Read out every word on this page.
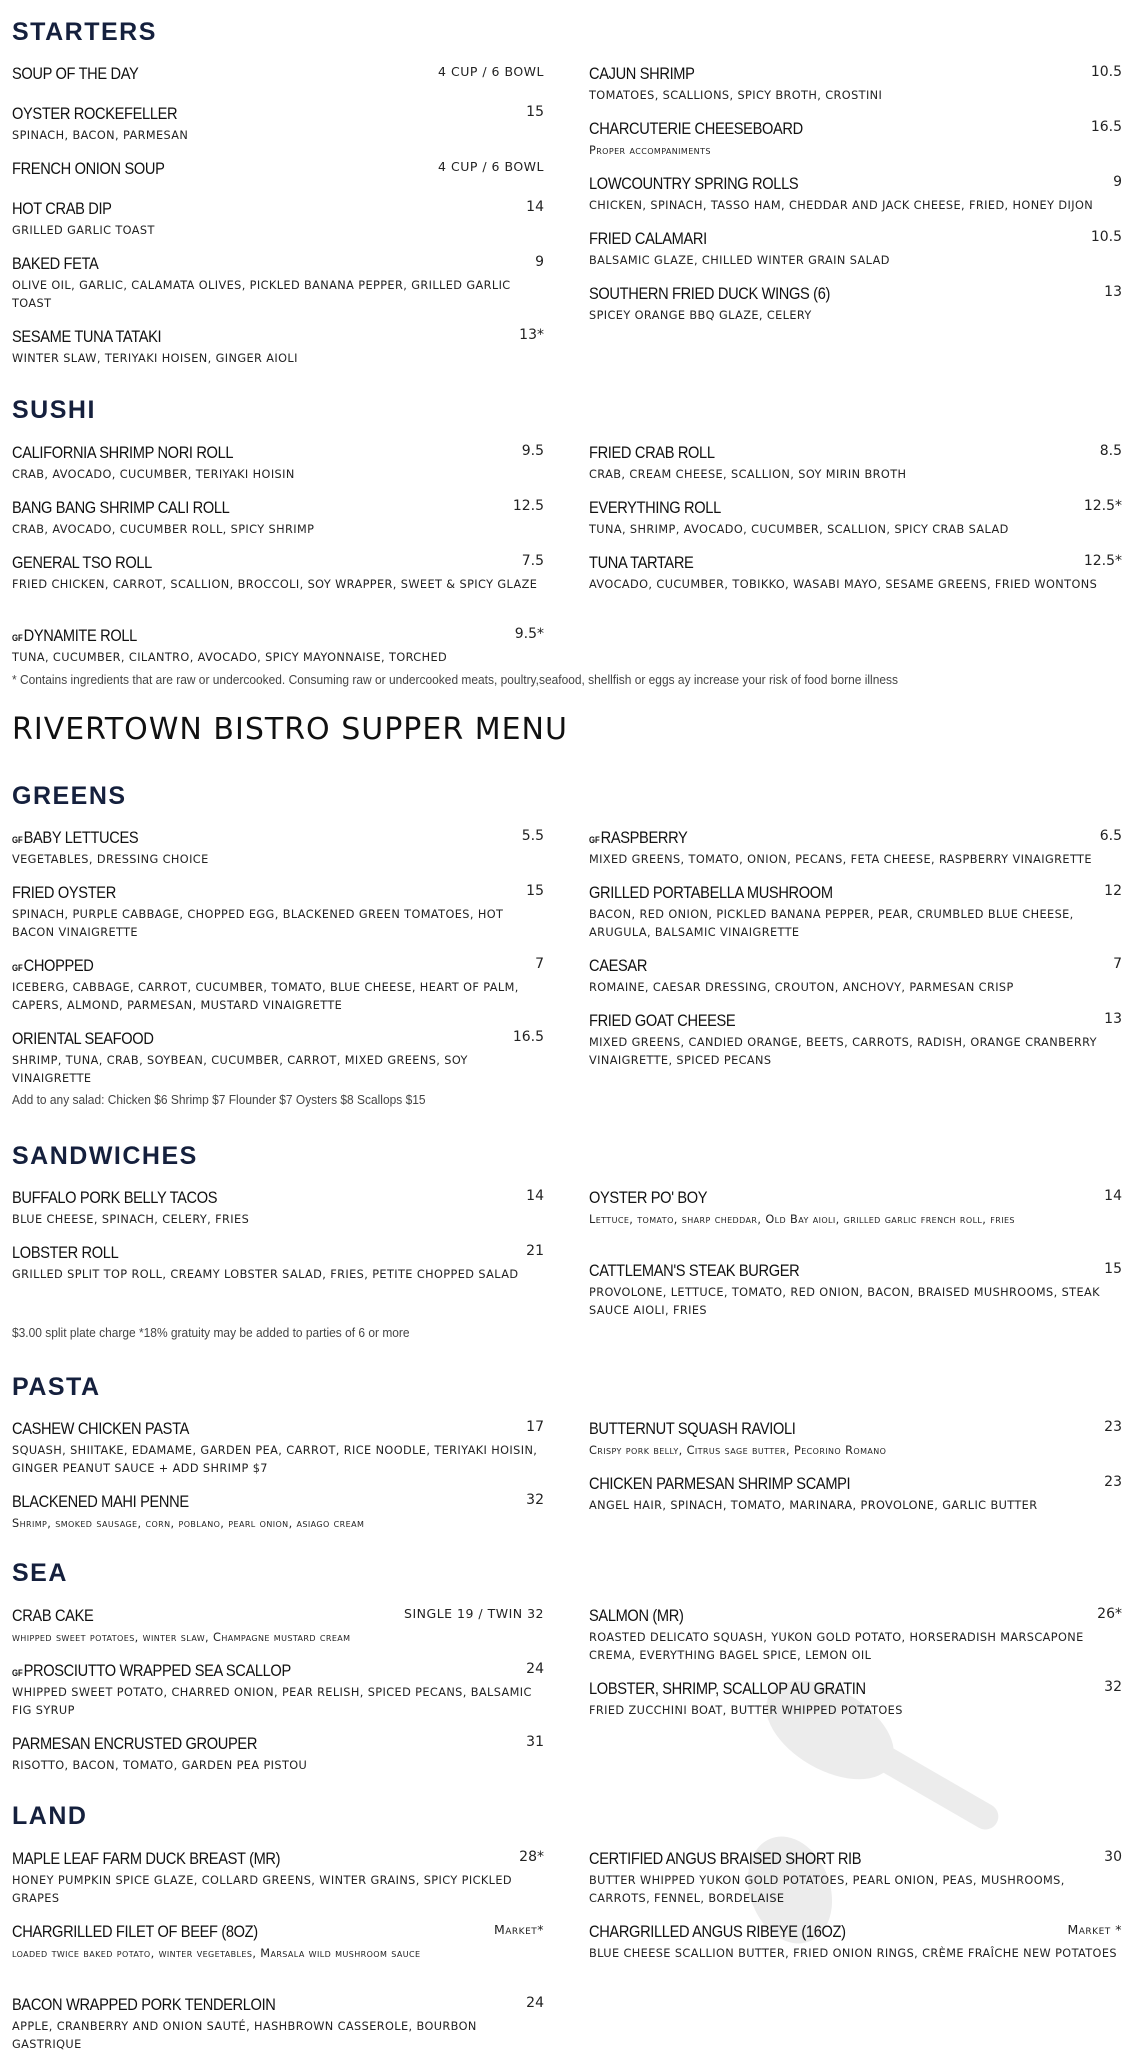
STARTERS
SOUP OF THE DAY	4 CUP / 6 BOWL
OYSTER ROCKEFELLER	15
SPINACH, BACON, PARMESAN
FRENCH ONION SOUP	4 CUP / 6 BOWL
HOT CRAB DIP	14
GRILLED GARLIC TOAST
BAKED FETA	9
OLIVE OIL, GARLIC, CALAMATA OLIVES, PICKLED BANANA PEPPER, GRILLED GARLIC TOAST
SESAME TUNA TATAKI	13*
WINTER SLAW, TERIYAKI HOISEN, GINGER AIOLI
CAJUN SHRIMP	10.5
TOMATOES, SCALLIONS, SPICY BROTH, CROSTINI
CHARCUTERIE CHEESEBOARD	16.5
Proper accompaniments
LOWCOUNTRY SPRING ROLLS	9
CHICKEN, SPINACH, TASSO HAM, CHEDDAR AND JACK CHEESE, FRIED, HONEY DIJON
FRIED CALAMARI	10.5
BALSAMIC GLAZE, CHILLED WINTER GRAIN SALAD
SOUTHERN FRIED DUCK WINGS (6)	13
SPICEY ORANGE BBQ GLAZE, CELERY
SUSHI
CALIFORNIA SHRIMP NORI ROLL	9.5
CRAB, AVOCADO, CUCUMBER, TERIYAKI HOISIN
BANG BANG SHRIMP CALI ROLL	12.5
CRAB, AVOCADO, CUCUMBER ROLL, SPICY SHRIMP
GENERAL TSO ROLL	7.5
FRIED CHICKEN, CARROT, SCALLION, BROCCOLI, SOY WRAPPER, SWEET & SPICY GLAZE
GFDYNAMITE ROLL	9.5*
TUNA, CUCUMBER, CILANTRO, AVOCADO, SPICY MAYONNAISE, TORCHED
FRIED CRAB ROLL	8.5
CRAB, CREAM CHEESE, SCALLION, SOY MIRIN BROTH
EVERYTHING ROLL	12.5*
TUNA, SHRIMP, AVOCADO, CUCUMBER, SCALLION, SPICY CRAB SALAD
TUNA TARTARE	12.5*
AVOCADO, CUCUMBER, TOBIKKO, WASABI MAYO, SESAME GREENS, FRIED WONTONS
* Contains ingredients that are raw or undercooked. Consuming raw or undercooked meats, poultry,seafood, shellfish or eggs ay increase your risk of food borne illness
RIVERTOWN BISTRO SUPPER MENU
GREENS
GFBABY LETTUCES	5.5
VEGETABLES, DRESSING CHOICE
FRIED OYSTER	15
SPINACH, PURPLE CABBAGE, CHOPPED EGG, BLACKENED GREEN TOMATOES, HOT BACON VINAIGRETTE
GFCHOPPED	7
ICEBERG, CABBAGE, CARROT, CUCUMBER, TOMATO, BLUE CHEESE, HEART OF PALM, CAPERS, ALMOND, PARMESAN, MUSTARD VINAIGRETTE
ORIENTAL SEAFOOD	16.5
SHRIMP, TUNA, CRAB, SOYBEAN, CUCUMBER, CARROT, MIXED GREENS, SOY VINAIGRETTE
GFRASPBERRY	6.5
MIXED GREENS, TOMATO, ONION, PECANS, FETA CHEESE, RASPBERRY VINAIGRETTE
GRILLED PORTABELLA MUSHROOM	12
BACON, RED ONION, PICKLED BANANA PEPPER, PEAR, CRUMBLED BLUE CHEESE, ARUGULA, BALSAMIC VINAIGRETTE
CAESAR	7
ROMAINE, CAESAR DRESSING, CROUTON, ANCHOVY, PARMESAN CRISP
FRIED GOAT CHEESE	13
MIXED GREENS, CANDIED ORANGE, BEETS, CARROTS, RADISH, ORANGE CRANBERRY VINAIGRETTE, SPICED PECANS
Add to any salad: Chicken $6 Shrimp $7 Flounder $7 Oysters $8 Scallops $15
SANDWICHES
BUFFALO PORK BELLY TACOS	14
BLUE CHEESE, SPINACH, CELERY, FRIES
LOBSTER ROLL	21
GRILLED SPLIT TOP ROLL, CREAMY LOBSTER SALAD, FRIES, PETITE CHOPPED SALAD
OYSTER PO' BOY	14
Lettuce, tomato, sharp cheddar, Old Bay aioli, grilled garlic french roll, fries
CATTLEMAN'S STEAK BURGER	15
PROVOLONE, LETTUCE, TOMATO, RED ONION, BACON, BRAISED MUSHROOMS, STEAK SAUCE AIOLI, FRIES
$3.00 split plate charge *18% gratuity may be added to parties of 6 or more
PASTA
CASHEW CHICKEN PASTA	17
SQUASH, SHIITAKE, EDAMAME, GARDEN PEA, CARROT, RICE NOODLE, TERIYAKI HOISIN, GINGER PEANUT SAUCE + ADD SHRIMP $7
BLACKENED MAHI PENNE	32
Shrimp, smoked sausage, corn, poblano, pearl onion, asiago cream
BUTTERNUT SQUASH RAVIOLI	23
Crispy pork belly, Citrus sage butter, Pecorino Romano
CHICKEN PARMESAN SHRIMP SCAMPI	23
ANGEL HAIR, SPINACH, TOMATO, MARINARA, PROVOLONE, GARLIC BUTTER
SEA
CRAB CAKE	SINGLE 19 / TWIN 32
whipped sweet potatoes, winter slaw, Champagne mustard cream
GFPROSCIUTTO WRAPPED SEA SCALLOP	24
WHIPPED SWEET POTATO, CHARRED ONION, PEAR RELISH, SPICED PECANS, BALSAMIC FIG SYRUP
PARMESAN ENCRUSTED GROUPER	31
RISOTTO, BACON, TOMATO, GARDEN PEA PISTOU
SALMON (MR)	26*
ROASTED DELICATO SQUASH, YUKON GOLD POTATO, HORSERADISH MARSCAPONE CREMA, EVERYTHING BAGEL SPICE, LEMON OIL
LOBSTER, SHRIMP, SCALLOP AU GRATIN	32
FRIED ZUCCHINI BOAT, BUTTER WHIPPED POTATOES
LAND
MAPLE LEAF FARM DUCK BREAST (MR)	28*
HONEY PUMPKIN SPICE GLAZE, COLLARD GREENS, WINTER GRAINS, SPICY PICKLED GRAPES
CHARGRILLED FILET OF BEEF (8OZ)	Market*
loaded twice baked potato, winter vegetables, Marsala wild mushroom sauce
BACON WRAPPED PORK TENDERLOIN	24
APPLE, CRANBERRY AND ONION SAUTÉ, HASHBROWN CASSEROLE, BOURBON GASTRIQUE
CERTIFIED ANGUS BRAISED SHORT RIB	30
BUTTER WHIPPED YUKON GOLD POTATOES, PEARL ONION, PEAS, MUSHROOMS, CARROTS, FENNEL, BORDELAISE
CHARGRILLED ANGUS RIBEYE (16OZ)	Market *
BLUE CHEESE SCALLION BUTTER, FRIED ONION RINGS, CRÈME FRAÎCHE NEW POTATOES
